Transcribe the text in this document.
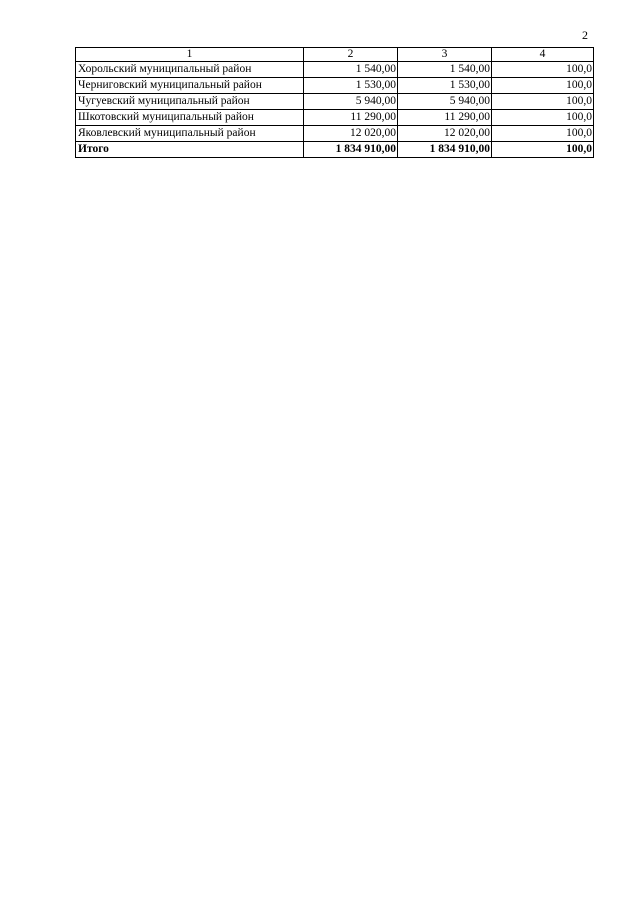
2
1	2	3	4
Хорольский муниципальный район	1 540,00	1 540,00	100,0
Черниговский муниципальный район	1 530,00	1 530,00	100,0
Чугуевский муниципальный район	5 940,00	5 940,00	100,0
Шкотовский муниципальный район	11 290,00	11 290,00	100,0
Яковлевский муниципальный район	12 020,00	12 020,00	100,0
Итого	1 834 910,00	1 834 910,00	100,0
